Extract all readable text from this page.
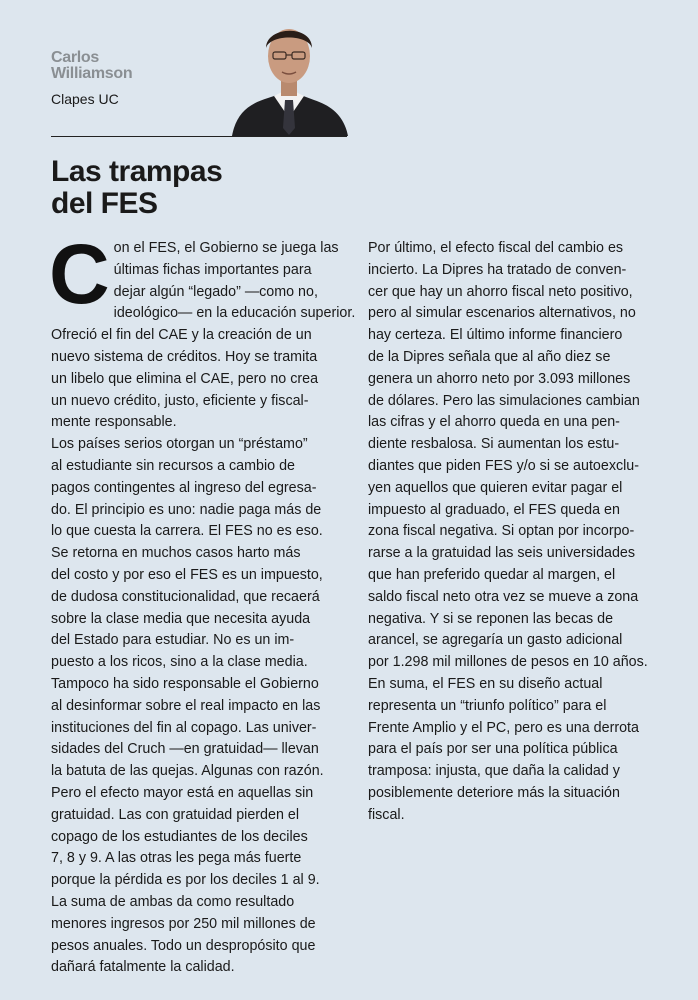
Carlos
Williamson
Clapes UC
Las trampas
del FES
C on el FES, el Gobierno se juega las
últimas fichas importantes para
dejar algún “legado” —como no,
ideológico— en la educación superior.
Ofreció el fin del CAE y la creación de un
nuevo sistema de créditos. Hoy se tramita
un libelo que elimina el CAE, pero no crea
un nuevo crédito, justo, eficiente y fiscal-
mente responsable.
Los países serios otorgan un “préstamo”
al estudiante sin recursos a cambio de
pagos contingentes al ingreso del egresa-
do. El principio es uno: nadie paga más de
lo que cuesta la carrera. El FES no es eso.
Se retorna en muchos casos harto más
del costo y por eso el FES es un impuesto,
de dudosa constitucionalidad, que recaerá
sobre la clase media que necesita ayuda
del Estado para estudiar. No es un im-
puesto a los ricos, sino a la clase media.
Tampoco ha sido responsable el Gobierno
al desinformar sobre el real impacto en las
instituciones del fin al copago. Las univer-
sidades del Cruch —en gratuidad— llevan
la batuta de las quejas. Algunas con razón.
Pero el efecto mayor está en aquellas sin
gratuidad. Las con gratuidad pierden el
copago de los estudiantes de los deciles
7, 8 y 9. A las otras les pega más fuerte
porque la pérdida es por los deciles 1 al 9.
La suma de ambas da como resultado
menores ingresos por 250 mil millones de
pesos anuales. Todo un despropósito que
dañará fatalmente la calidad.
Por último, el efecto fiscal del cambio es
incierto. La Dipres ha tratado de conven-
cer que hay un ahorro fiscal neto positivo,
pero al simular escenarios alternativos, no
hay certeza. El último informe financiero
de la Dipres señala que al año diez se
genera un ahorro neto por 3.093 millones
de dólares. Pero las simulaciones cambian
las cifras y el ahorro queda en una pen-
diente resbalosa. Si aumentan los estu-
diantes que piden FES y/o si se autoexclu-
yen aquellos que quieren evitar pagar el
impuesto al graduado, el FES queda en
zona fiscal negativa. Si optan por incorpo-
rarse a la gratuidad las seis universidades
que han preferido quedar al margen, el
saldo fiscal neto otra vez se mueve a zona
negativa. Y si se reponen las becas de
arancel, se agregaría un gasto adicional
por 1.298 mil millones de pesos en 10 años.
En suma, el FES en su diseño actual
representa un “triunfo político” para el
Frente Amplio y el PC, pero es una derrota
para el país por ser una política pública
tramposa: injusta, que daña la calidad y
posiblemente deteriore más la situación
fiscal.
